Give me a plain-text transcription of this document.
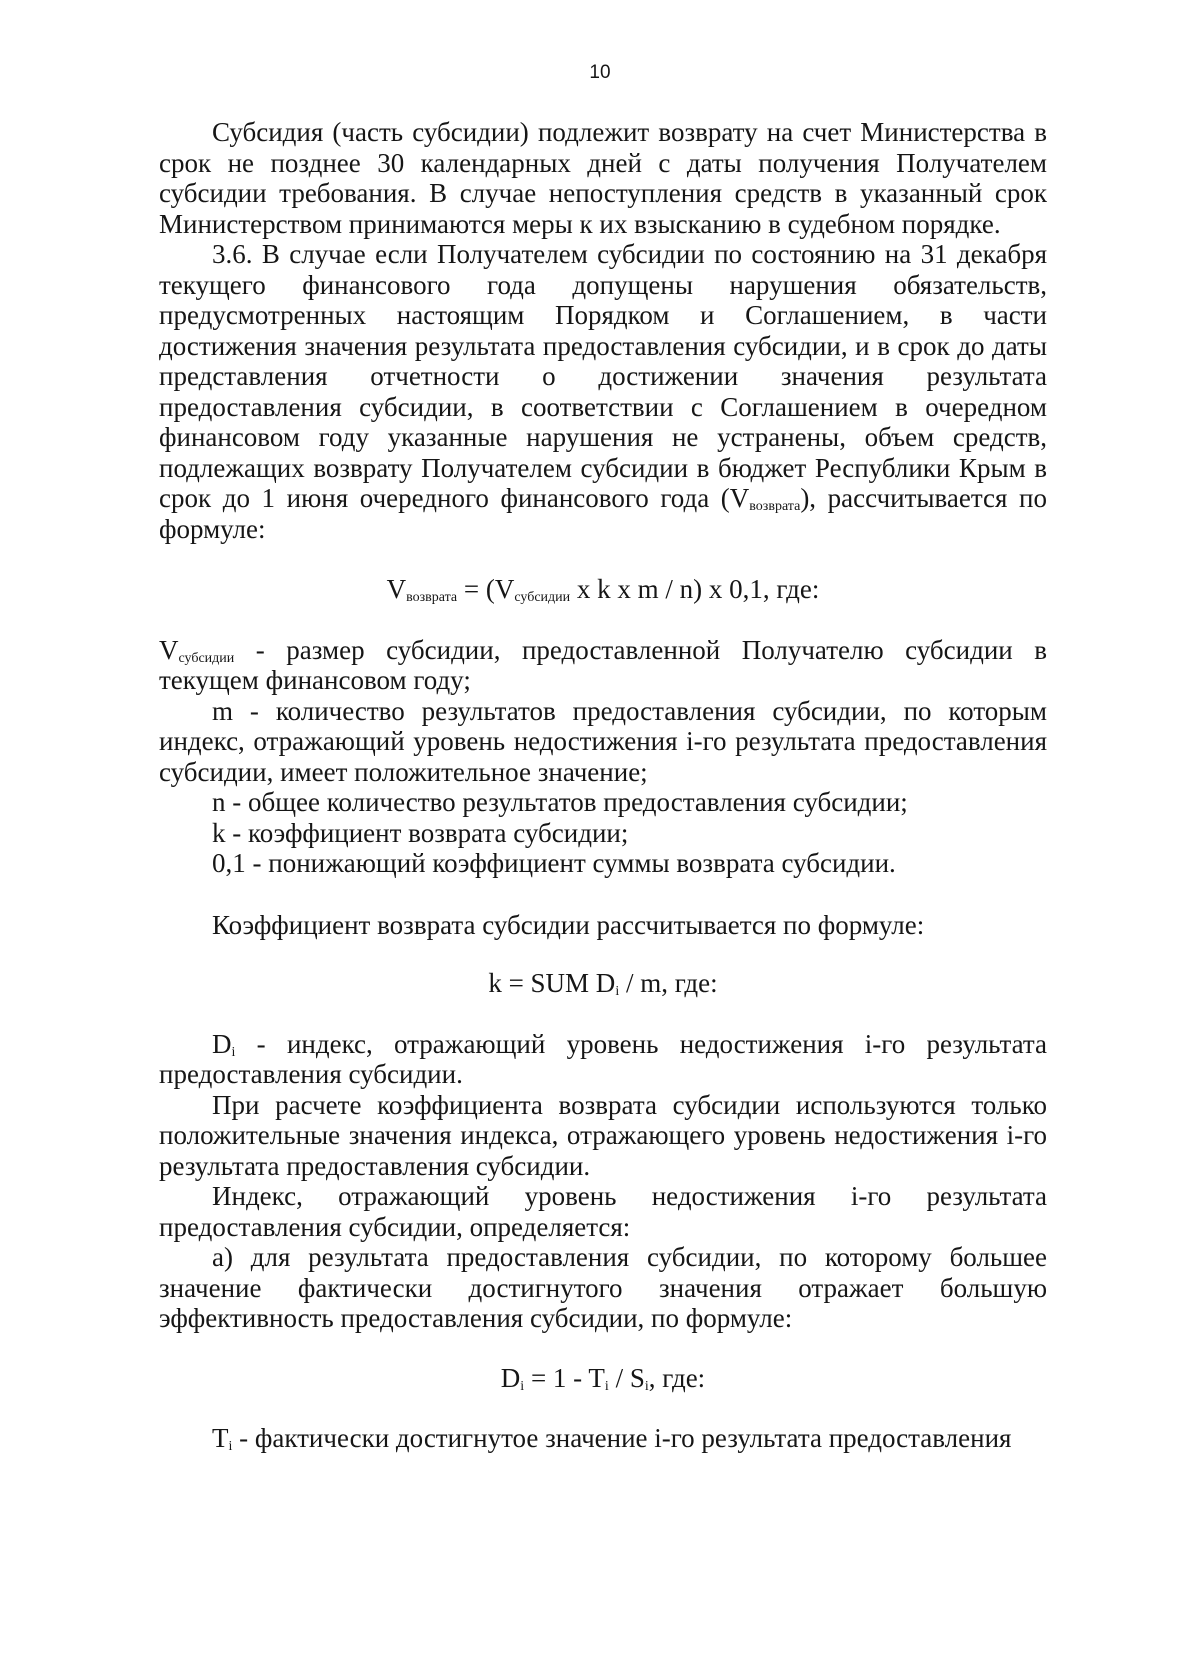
10

Субсидия (часть субсидии) подлежит возврату на счет Министерства в срок не позднее 30 календарных дней с даты получения Получателем субсидии требования. В случае непоступления средств в указанный срок Министерством принимаются меры к их взысканию в судебном порядке.

3.6. В случае если Получателем субсидии по состоянию на 31 декабря текущего финансового года допущены нарушения обязательств, предусмотренных настоящим Порядком и Соглашением, в части достижения значения результата предоставления субсидии, и в срок до даты представления отчетности о достижении значения результата предоставления субсидии, в соответствии с Соглашением в очередном финансовом году указанные нарушения не устранены, объем средств, подлежащих возврату Получателем субсидии в бюджет Республики Крым в срок до 1 июня очередного финансового года $(V_{возврата})$, рассчитывается по формуле:

$V_{возврата} = (V_{субсидии}$ x k x m / n) x 0,1, где:

$V_{субсидии}$ - размер субсидии, предоставленной Получателю субсидии в текущем финансовом году;

m - количество результатов предоставления субсидии, по которым индекс, отражающий уровень недостижения i-го результата предоставления субсидии, имеет положительное значение;

n - общее количество результатов предоставления субсидии;

k - коэффициент возврата субсидии;

0,1 - понижающий коэффициент суммы возврата субсидии.

Коэффициент возврата субсидии рассчитывается по формуле:

k = SUM $D_i$ / m, где:

$D_i$ - индекс, отражающий уровень недостижения i-го результата предоставления субсидии.

При расчете коэффициента возврата субсидии используются только положительные значения индекса, отражающего уровень недостижения i-го результата предоставления субсидии.

Индекс, отражающий уровень недостижения i-го результата предоставления субсидии, определяется:

а) для результата предоставления субсидии, по которому большее значение фактически достигнутого значения отражает большую эффективность предоставления субсидии, по формуле:

$D_i = 1 - T_i / S_i$, где:

$T_i$ - фактически достигнутое значение i-го результата предоставления
